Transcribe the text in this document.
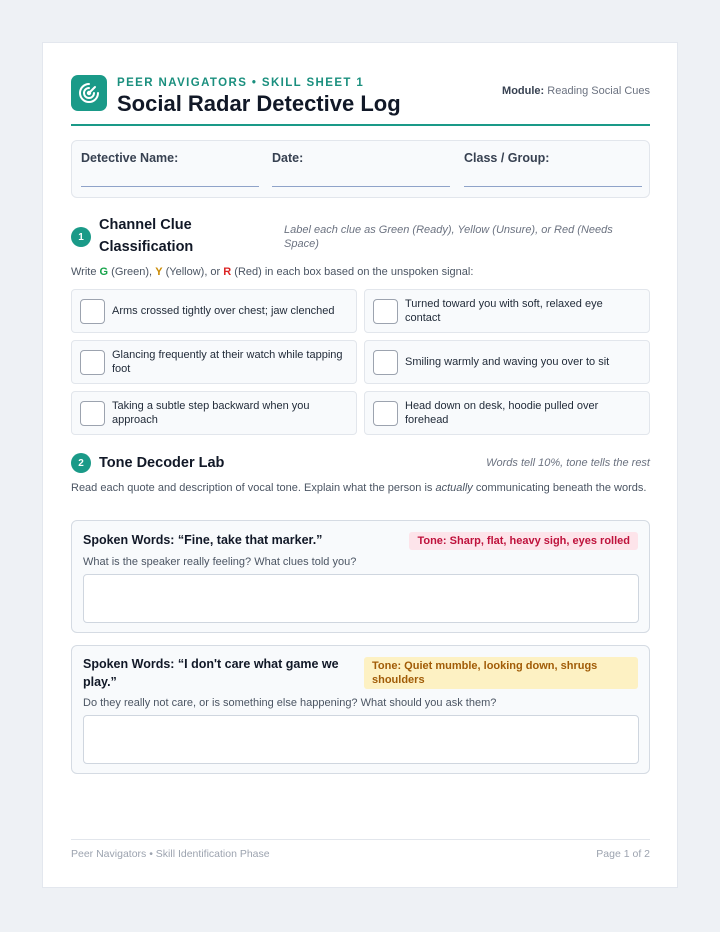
PEER NAVIGATORS • SKILL SHEET 1
Social Radar Detective Log	Module: Reading Social Cues
Detective Name:	Date:	Class / Group:
1
Channel Clue Classification
Label each clue as Green (Ready), Yellow (Unsure), or Red (Needs Space)
Write G (Green), Y (Yellow), or R (Red) in each box based on the unspoken signal:
Arms crossed tightly over chest; jaw clenched
Turned toward you with soft, relaxed eye contact
Glancing frequently at their watch while tapping foot
Smiling warmly and waving you over to sit
Taking a subtle step backward when you approach
Head down on desk, hoodie pulled over forehead
2	Tone Decoder Lab	Words tell 10%, tone tells the rest
Read each quote and description of vocal tone. Explain what the person is actually communicating beneath the words.
Spoken Words: “Fine, take that marker.”	Tone: Sharp, flat, heavy sigh, eyes rolled
What is the speaker really feeling? What clues told you?
Spoken Words: “I don't care what game we play.”
Tone: Quiet mumble, looking down, shrugs shoulders
Do they really not care, or is something else happening? What should you ask them?
Peer Navigators • Skill Identification Phase	Page 1 of 2
